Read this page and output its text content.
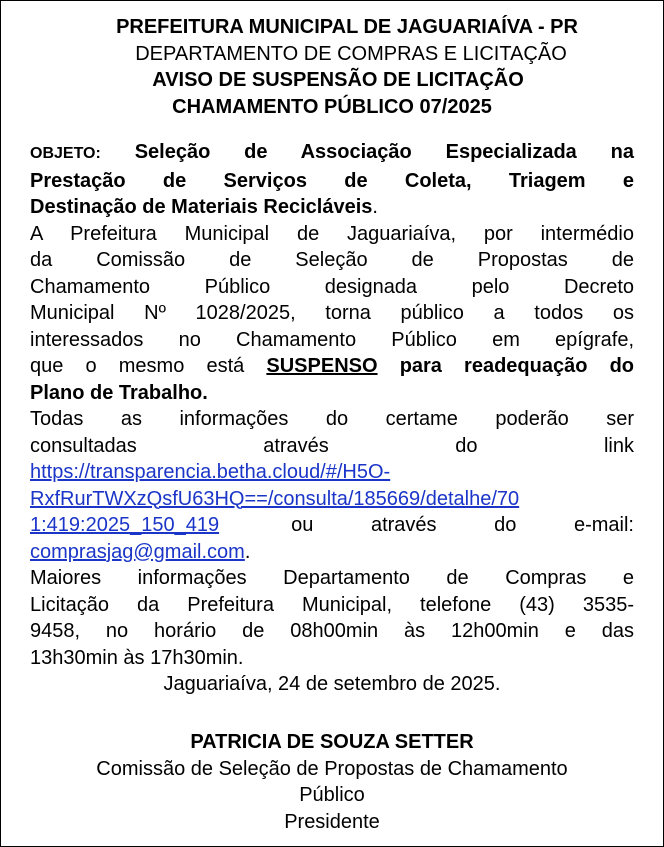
PREFEITURA MUNICIPAL DE JAGUARIAÍVA - PR
DEPARTAMENTO DE COMPRAS E LICITAÇÃO
AVISO DE SUSPENSÃO DE LICITAÇÃO
CHAMAMENTO PÚBLICO 07/2025
OBJETO: Seleção de Associação Especializada na
Prestação de Serviços de Coleta, Triagem e
Destinação de Materiais Recicláveis.
A Prefeitura Municipal de Jaguariaíva, por intermédio
da Comissão de Seleção de Propostas de
Chamamento Público designada pelo Decreto
Municipal Nº 1028/2025, torna público a todos os
interessados no Chamamento Público em epígrafe,
que o mesmo está SUSPENSO para readequação do
Plano de Trabalho.
Todas as informações do certame poderão ser
consultadas através do link
https://transparencia.betha.cloud/#/H5O-
RxfRurTWXzQsfU63HQ==/consulta/185669/detalhe/70
1:419:2025_150_419	ou através do e-mail:
comprasjag@gmail.com.
Maiores informações Departamento de Compras e
Licitação da Prefeitura Municipal, telefone (43) 3535-
9458, no horário de 08h00min às 12h00min e das
13h30min às 17h30min.
Jaguariaíva, 24 de setembro de 2025.
PATRICIA DE SOUZA SETTER
Comissão de Seleção de Propostas de Chamamento
Público
Presidente
